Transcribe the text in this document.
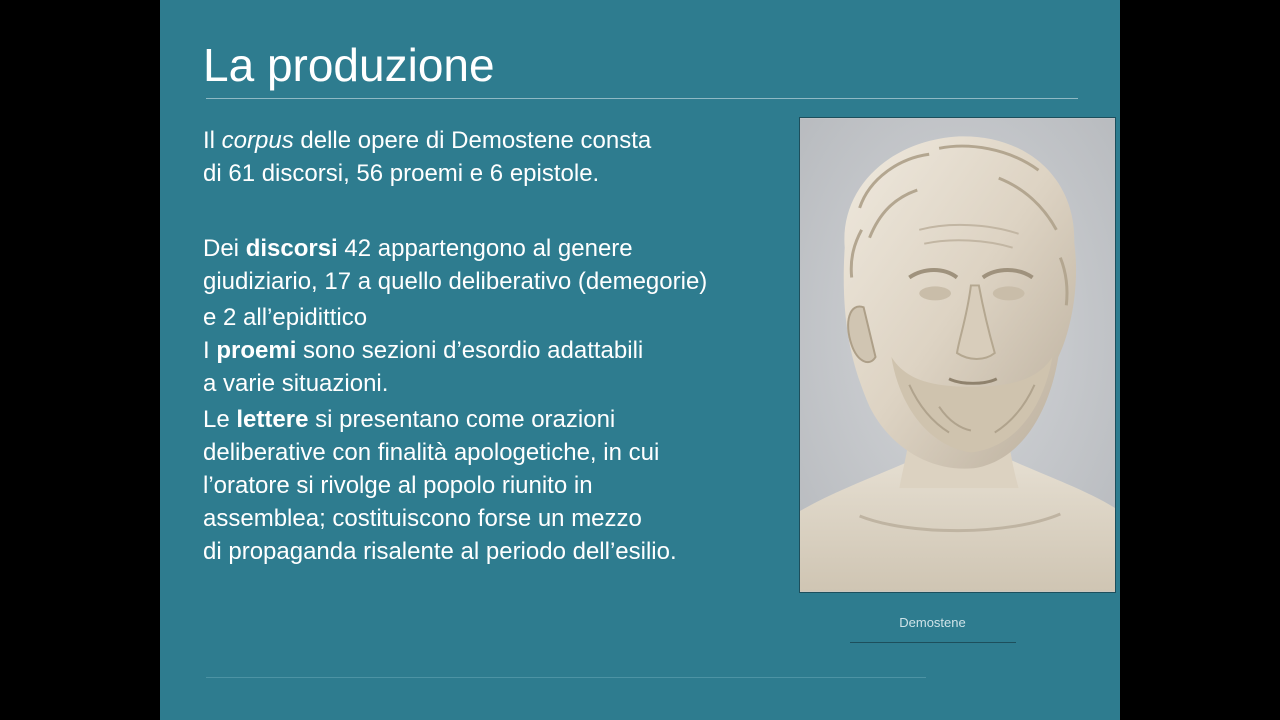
La produzione

Il corpus delle opere di Demostene consta
di 61 discorsi, 56 proemi e 6 epistole.

Dei discorsi 42 appartengono al genere
giudiziario, 17 a quello deliberativo (demegorie)

e 2 all’epidittico

I proemi sono sezioni d’esordio adattabili
a varie situazioni.

Le lettere si presentano come orazioni
deliberative con finalità apologetiche, in cui
l’oratore si rivolge al popolo riunito in
assemblea; costituiscono forse un mezzo
di propaganda risalente al periodo dell’esilio.

Demostene
